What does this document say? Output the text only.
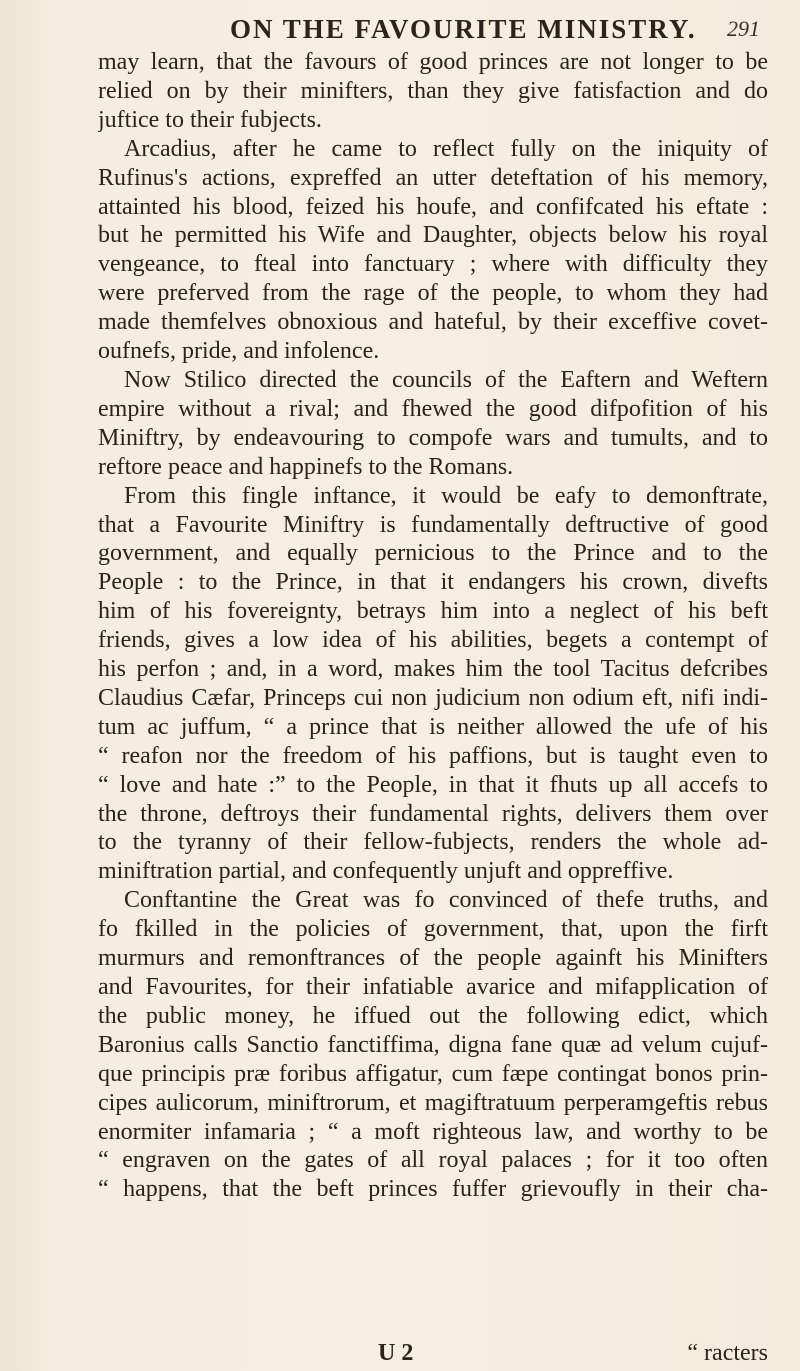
ON THE FAVOURITE MINISTRY. 291
may learn, that the favours of good princes are not longer to be
relied on by their minifters, than they give fatisfaction and do
juftice to their fubjects.
Arcadius, after he came to reflect fully on the iniquity of
Rufinus's actions, expreffed an utter deteftation of his memory,
attainted his blood, feized his houfe, and confifcated his eftate :
but he permitted his Wife and Daughter, objects below his royal
vengeance, to fteal into fanctuary ; where with difficulty they
were preferved from the rage of the people, to whom they had
made themfelves obnoxious and hateful, by their exceffive covet-
oufnefs, pride, and infolence.
Now Stilico directed the councils of the Eaftern and Weftern
empire without a rival; and fhewed the good difpofition of his
Miniftry, by endeavouring to compofe wars and tumults, and to
reftore peace and happinefs to the Romans.
From this fingle inftance, it would be eafy to demonftrate,
that a Favourite Miniftry is fundamentally deftructive of good
government, and equally pernicious to the Prince and to the
People : to the Prince, in that it endangers his crown, divefts
him of his fovereignty, betrays him into a neglect of his beft
friends, gives a low idea of his abilities, begets a contempt of
his perfon ; and, in a word, makes him the tool Tacitus defcribes
Claudius Cæfar, Princeps cui non judicium non odium eft, nifi indi-
tum ac juffum, “ a prince that is neither allowed the ufe of his
“ reafon nor the freedom of his paffions, but is taught even to
“ love and hate :” to the People, in that it fhuts up all accefs to
the throne, deftroys their fundamental rights, delivers them over
to the tyranny of their fellow-fubjects, renders the whole ad-
miniftration partial, and confequently unjuft and oppreffive.
Conftantine the Great was fo convinced of thefe truths, and
fo fkilled in the policies of government, that, upon the firft
murmurs and remonftrances of the people againft his Minifters
and Favourites, for their infatiable avarice and mifapplication of
the public money, he iffued out the following edict, which
Baronius calls Sanctio fanctiffima, digna fane quæ ad velum cujuf-
que principis præ foribus affigatur, cum fæpe contingat bonos prin-
cipes aulicorum, miniftrorum, et magiftratuum perperamgeftis rebus
enormiter infamaria ; “ a moft righteous law, and worthy to be
“ engraven on the gates of all royal palaces ; for it too often
“ happens, that the beft princes fuffer grievoufly in their cha-
U 2	“ racters
